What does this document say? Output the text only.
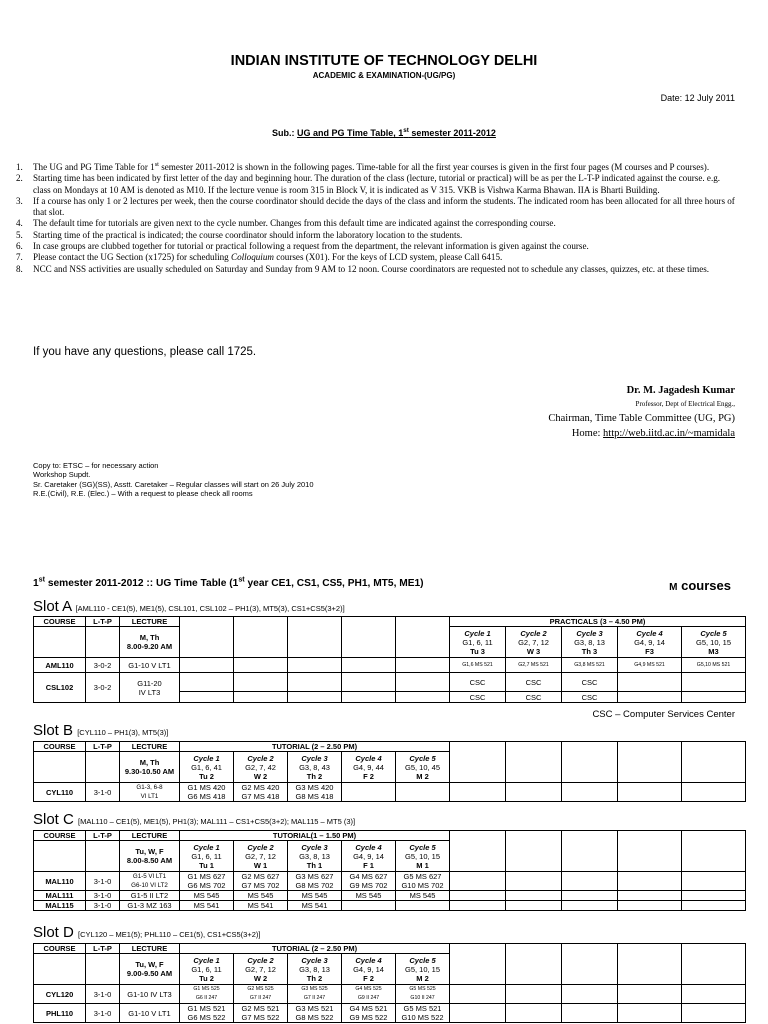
INDIAN INSTITUTE OF TECHNOLOGY DELHI
ACADEMIC & EXAMINATION-(UG/PG)
Date: 12 July 2011
Sub.: UG and PG Time Table, 1st semester 2011-2012
1. The UG and PG Time Table for 1st semester 2011-2012 is shown in the following pages. Time-table for all the first year courses is given in the first four pages (M courses and P courses).
2. Starting time has been indicated by first letter of the day and beginning hour. The duration of the class (lecture, tutorial or practical) will be as per the L-T-P indicated against the course. e.g. class on Mondays at 10 AM is denoted as M10. If the lecture venue is room 315 in Block V, it is indicated as V 315. VKB is Vishwa Karma Bhawan. IIA is Bharti Building.
3. If a course has only 1 or 2 lectures per week, then the course coordinator should decide the days of the class and inform the students. The indicated room has been allocated for all three hours of that slot.
4. The default time for tutorials are given next to the cycle number. Changes from this default time are indicated against the corresponding course.
5. Starting time of the practical is indicated; the course coordinator should inform the laboratory location to the students.
6. In case groups are clubbed together for tutorial or practical following a request from the department, the relevant information is given against the course.
7. Please contact the UG Section (x1725) for scheduling Colloquium courses (X01). For the keys of LCD system, please Call 6415.
8. NCC and NSS activities are usually scheduled on Saturday and Sunday from 9 AM to 12 noon. Course coordinators are requested not to schedule any classes, quizzes, etc. at these times.
If you have any questions, please call 1725.
Dr. M. Jagadesh Kumar
Professor, Dept of Electrical Engg.,
Chairman, Time Table Committee (UG, PG)
Home: http://web.iitd.ac.in/~mamidala
Copy to: ETSC – for necessary action
Workshop Supdt.
Sr. Caretaker (SG)(SS), Asstt. Caretaker – Regular classes will start on 26 July 2010
R.E.(Civil), R.E. (Elec.) – With a request to please check all rooms
1st semester 2011-2012 :: UG Time Table (1st year CE1, CS1, CS5, PH1, MT5, ME1)	M courses
Slot A [AML110 - CE1(5), ME1(5), CSL101, CSL102 – PH1(3), MT5(3), CS1+CS5(3+2)]
COURSE	L-T-P	LECTURE						PRACTICALS (3 – 4.50 PM)				

		M, Th
8.00-9.20 AM						Cycle 1
G1, 6, 11
Tu 3	Cycle 2
G2, 7, 12
W 3	Cycle 3
G3, 8, 13
Th 3	Cycle 4
G4, 9, 14
F3	Cycle 5
G5, 10, 15
M3

AML110	3-0-2	G1-10 V LT1						G1,6 MS 521	G2,7 MS 521	G3,8 MS 521	G4,9 MS 521	G5,10 MS 521
CSL102	3-0-2	G11-20
IV LT3						CSC	CSC	CSC		
								CSC	CSC	CSC		
CSC – Computer Services Center
Slot B [CYL110 – PH1(3), MT5(3)]
COURSE	L-T-P	LECTURE	TUTORIAL (2 – 2.50 PM)									

		M, Th
9.30-10.50 AM	Cycle 1
G1, 6, 41
Tu 2	Cycle 2
G2, 7, 42
W 2	Cycle 3
G3, 8, 43
Th 2	Cycle 4
G4, 9, 44
F 2	Cycle 5
G5, 10, 45
M 2					

CYL110	3-1-0	G1-3, 6-8
VI LT1	G1 MS 420
G6 MS 418	G2 MS 420
G7 MS 418	G3 MS 420
G8 MS 418							

Slot C [MAL110 – CE1(5), ME1(5), PH1(3); MAL111 – CS1+CS5(3+2); MAL115 – MT5 (3)]
COURSE	L-T-P	LECTURE	TUTORIAL(1 – 1.50 PM)									

		Tu, W, F
8.00-8.50 AM	Cycle 1
G1, 6, 11
Tu 1	Cycle 2
G2, 7, 12
W 1	Cycle 3
G3, 8, 13
Th 1	Cycle 4
G4, 9, 14
F 1	Cycle 5
G5, 10, 15
M 1					

MAL110	3-1-0	G1-5 VI LT1
G6-10 VI LT2	G1 MS 627
G6 MS 702	G2 MS 627
G7 MS 702	G3 MS 627
G8 MS 702	G4 MS 627
G9 MS 702	G5 MS 627
G10 MS 702					

MAL111	3-1-0	G1-5 II LT2	MS 545	MS 545	MS 545	MS 545	MS 545					
MAL115	3-1-0	G1-3 MZ 163	MS 541	MS 541	MS 541							
Slot D [CYL120 – ME1(5); PHL110 – CE1(5), CS1+CS5(3+2)]
COURSE	L-T-P	LECTURE	TUTORIAL (2 – 2.50 PM)									

		Tu, W, F
9.00-9.50 AM	Cycle 1
G1, 6, 11
Tu 2	Cycle 2
G2, 7, 12
W 2	Cycle 3
G3, 8, 13
Th 2	Cycle 4
G4, 9, 14
F 2	Cycle 5
G5, 10, 15
M 2					

CYL120	3-1-0	G1-10 IV LT3	G1 MS 525
G6 II 247	G2 MS 525
G7 II 247	G3 MS 525
G7 II 247	G4 MS 525
G9 II 247	G5 MS 525
G10 II 247					

PHL110	3-1-0	G1-10 V LT1	G1 MS 521
G6 MS 522	G2 MS 521
G7 MS 522	G3 MS 521
G8 MS 522	G4 MS 521
G9 MS 522	G5 MS 521
G10 MS 522					
